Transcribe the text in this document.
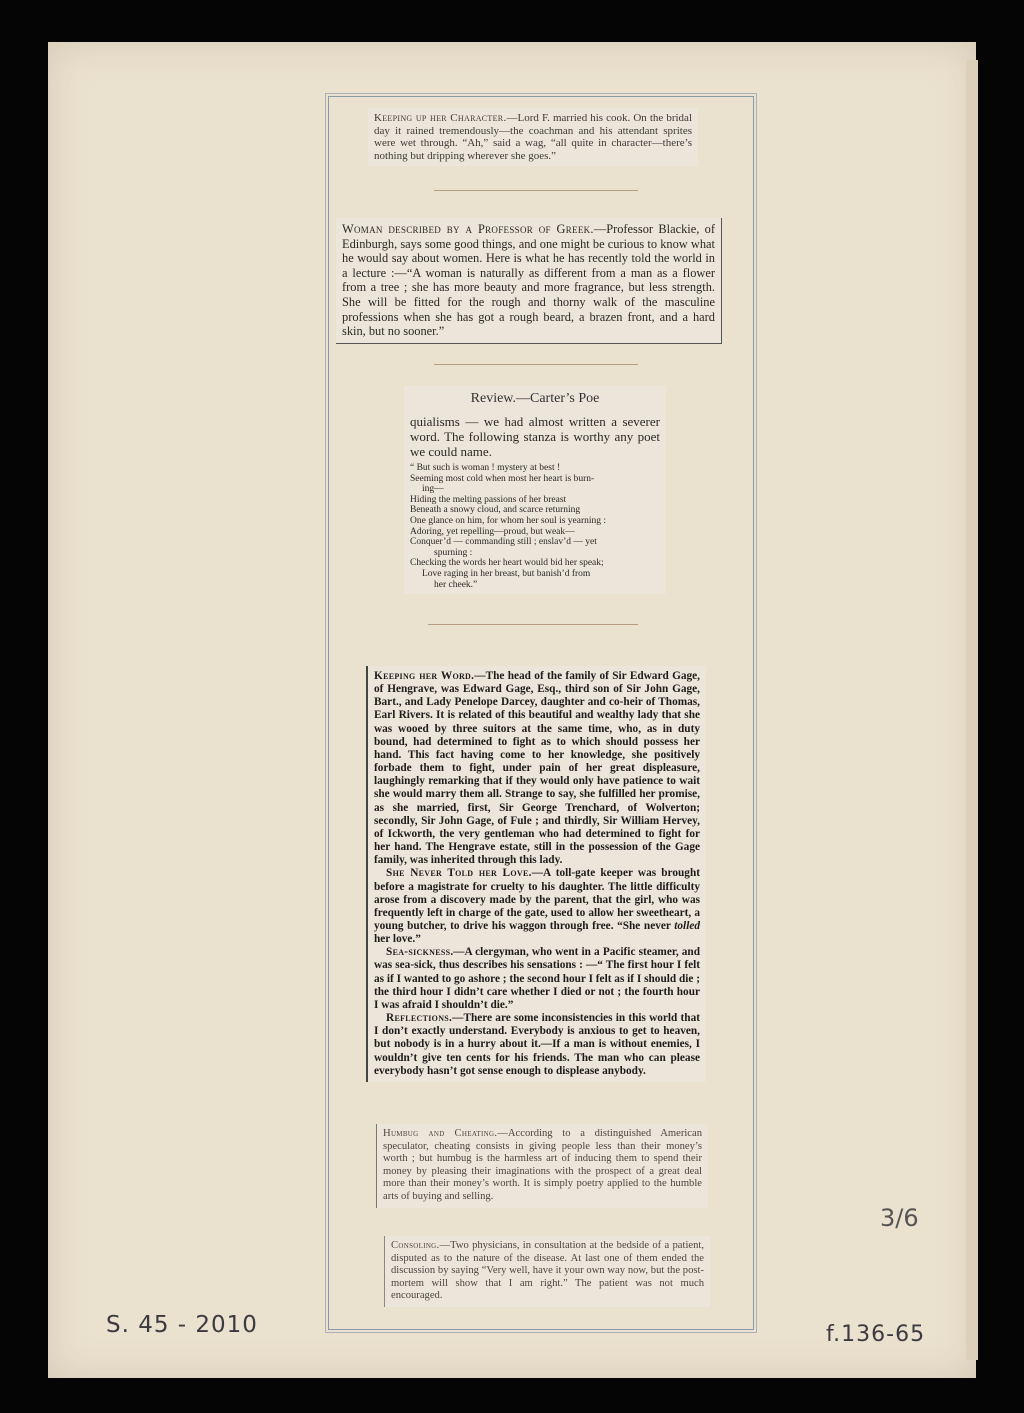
Keeping up her Character.—Lord F. married his cook. On the bridal day it rained tremendously—the coachman and his attendant sprites were wet through. “Ah,” said a wag, “all quite in character—there’s nothing but dripping wherever she goes.”

Woman described by a Professor of Greek.—Professor Blackie, of Edinburgh, says some good things, and one might be curious to know what he would say about women. Here is what he has recently told the world in a lecture :—“A woman is naturally as different from a man as a flower from a tree ; she has more beauty and more fragrance, but less strength. She will be fitted for the rough and thorny walk of the masculine professions when she has got a rough beard, a brazen front, and a hard skin, but no sooner.”

Review.—Carter’s Poe

quialisms — we had almost written a severer word. The following stanza is worthy any poet we could name.

“ But such is woman ! mystery at best !
Seeming most cold when most her heart is burn-
ing—
Hiding the melting passions of her breast
Beneath a snowy cloud, and scarce returning
One glance on him, for whom her soul is yearning :
Adoring, yet repelling—proud, but weak—
Conquer’d — commanding still ; enslav’d — yet
spurning :
Checking the words her heart would bid her speak;
Love raging in her breast, but banish’d from
her cheek.”

Keeping her Word.—The head of the family of Sir Edward Gage, of Hengrave, was Edward Gage, Esq., third son of Sir John Gage, Bart., and Lady Penelope Darcey, daughter and co-heir of Thomas, Earl Rivers. It is related of this beautiful and wealthy lady that she was wooed by three suitors at the same time, who, as in duty bound, had determined to fight as to which should possess her hand. This fact having come to her knowledge, she positively forbade them to fight, under pain of her great displeasure, laughingly remarking that if they would only have patience to wait she would marry them all. Strange to say, she fulfilled her promise, as she married, first, Sir George Trenchard, of Wolverton; secondly, Sir John Gage, of Fule ; and thirdly, Sir William Hervey, of Ickworth, the very gentleman who had determined to fight for her hand. The Hengrave estate, still in the possession of the Gage family, was inherited through this lady.

She Never Told her Love.—A toll-gate keeper was brought before a magistrate for cruelty to his daughter. The little difficulty arose from a discovery made by the parent, that the girl, who was frequently left in charge of the gate, used to allow her sweetheart, a young butcher, to drive his waggon through free. “She never tolled her love.”

Sea-sickness.—A clergyman, who went in a Pacific steamer, and was sea-sick, thus describes his sensations : —“ The first hour I felt as if I wanted to go ashore ; the second hour I felt as if I should die ; the third hour I didn’t care whether I died or not ; the fourth hour I was afraid I shouldn’t die.”

Reflections.—There are some inconsistencies in this world that I don’t exactly understand. Everybody is anxious to get to heaven, but nobody is in a hurry about it.—If a man is without enemies, I wouldn’t give ten cents for his friends. The man who can please everybody hasn’t got sense enough to displease anybody.

Humbug and Cheating.—According to a distinguished American speculator, cheating consists in giving people less than their money’s worth ; but humbug is the harmless art of inducing them to spend their money by pleasing their imaginations with the prospect of a great deal more than their money’s worth. It is simply poetry applied to the humble arts of buying and selling.

Consoling.—Two physicians, in consultation at the bedside of a patient, disputed as to the nature of the disease. At last one of them ended the discussion by saying “Very well, have it your own way now, but the post-mortem will show that I am right.” The patient was not much encouraged.

S. 45 - 2010	f.136-65
3/6
